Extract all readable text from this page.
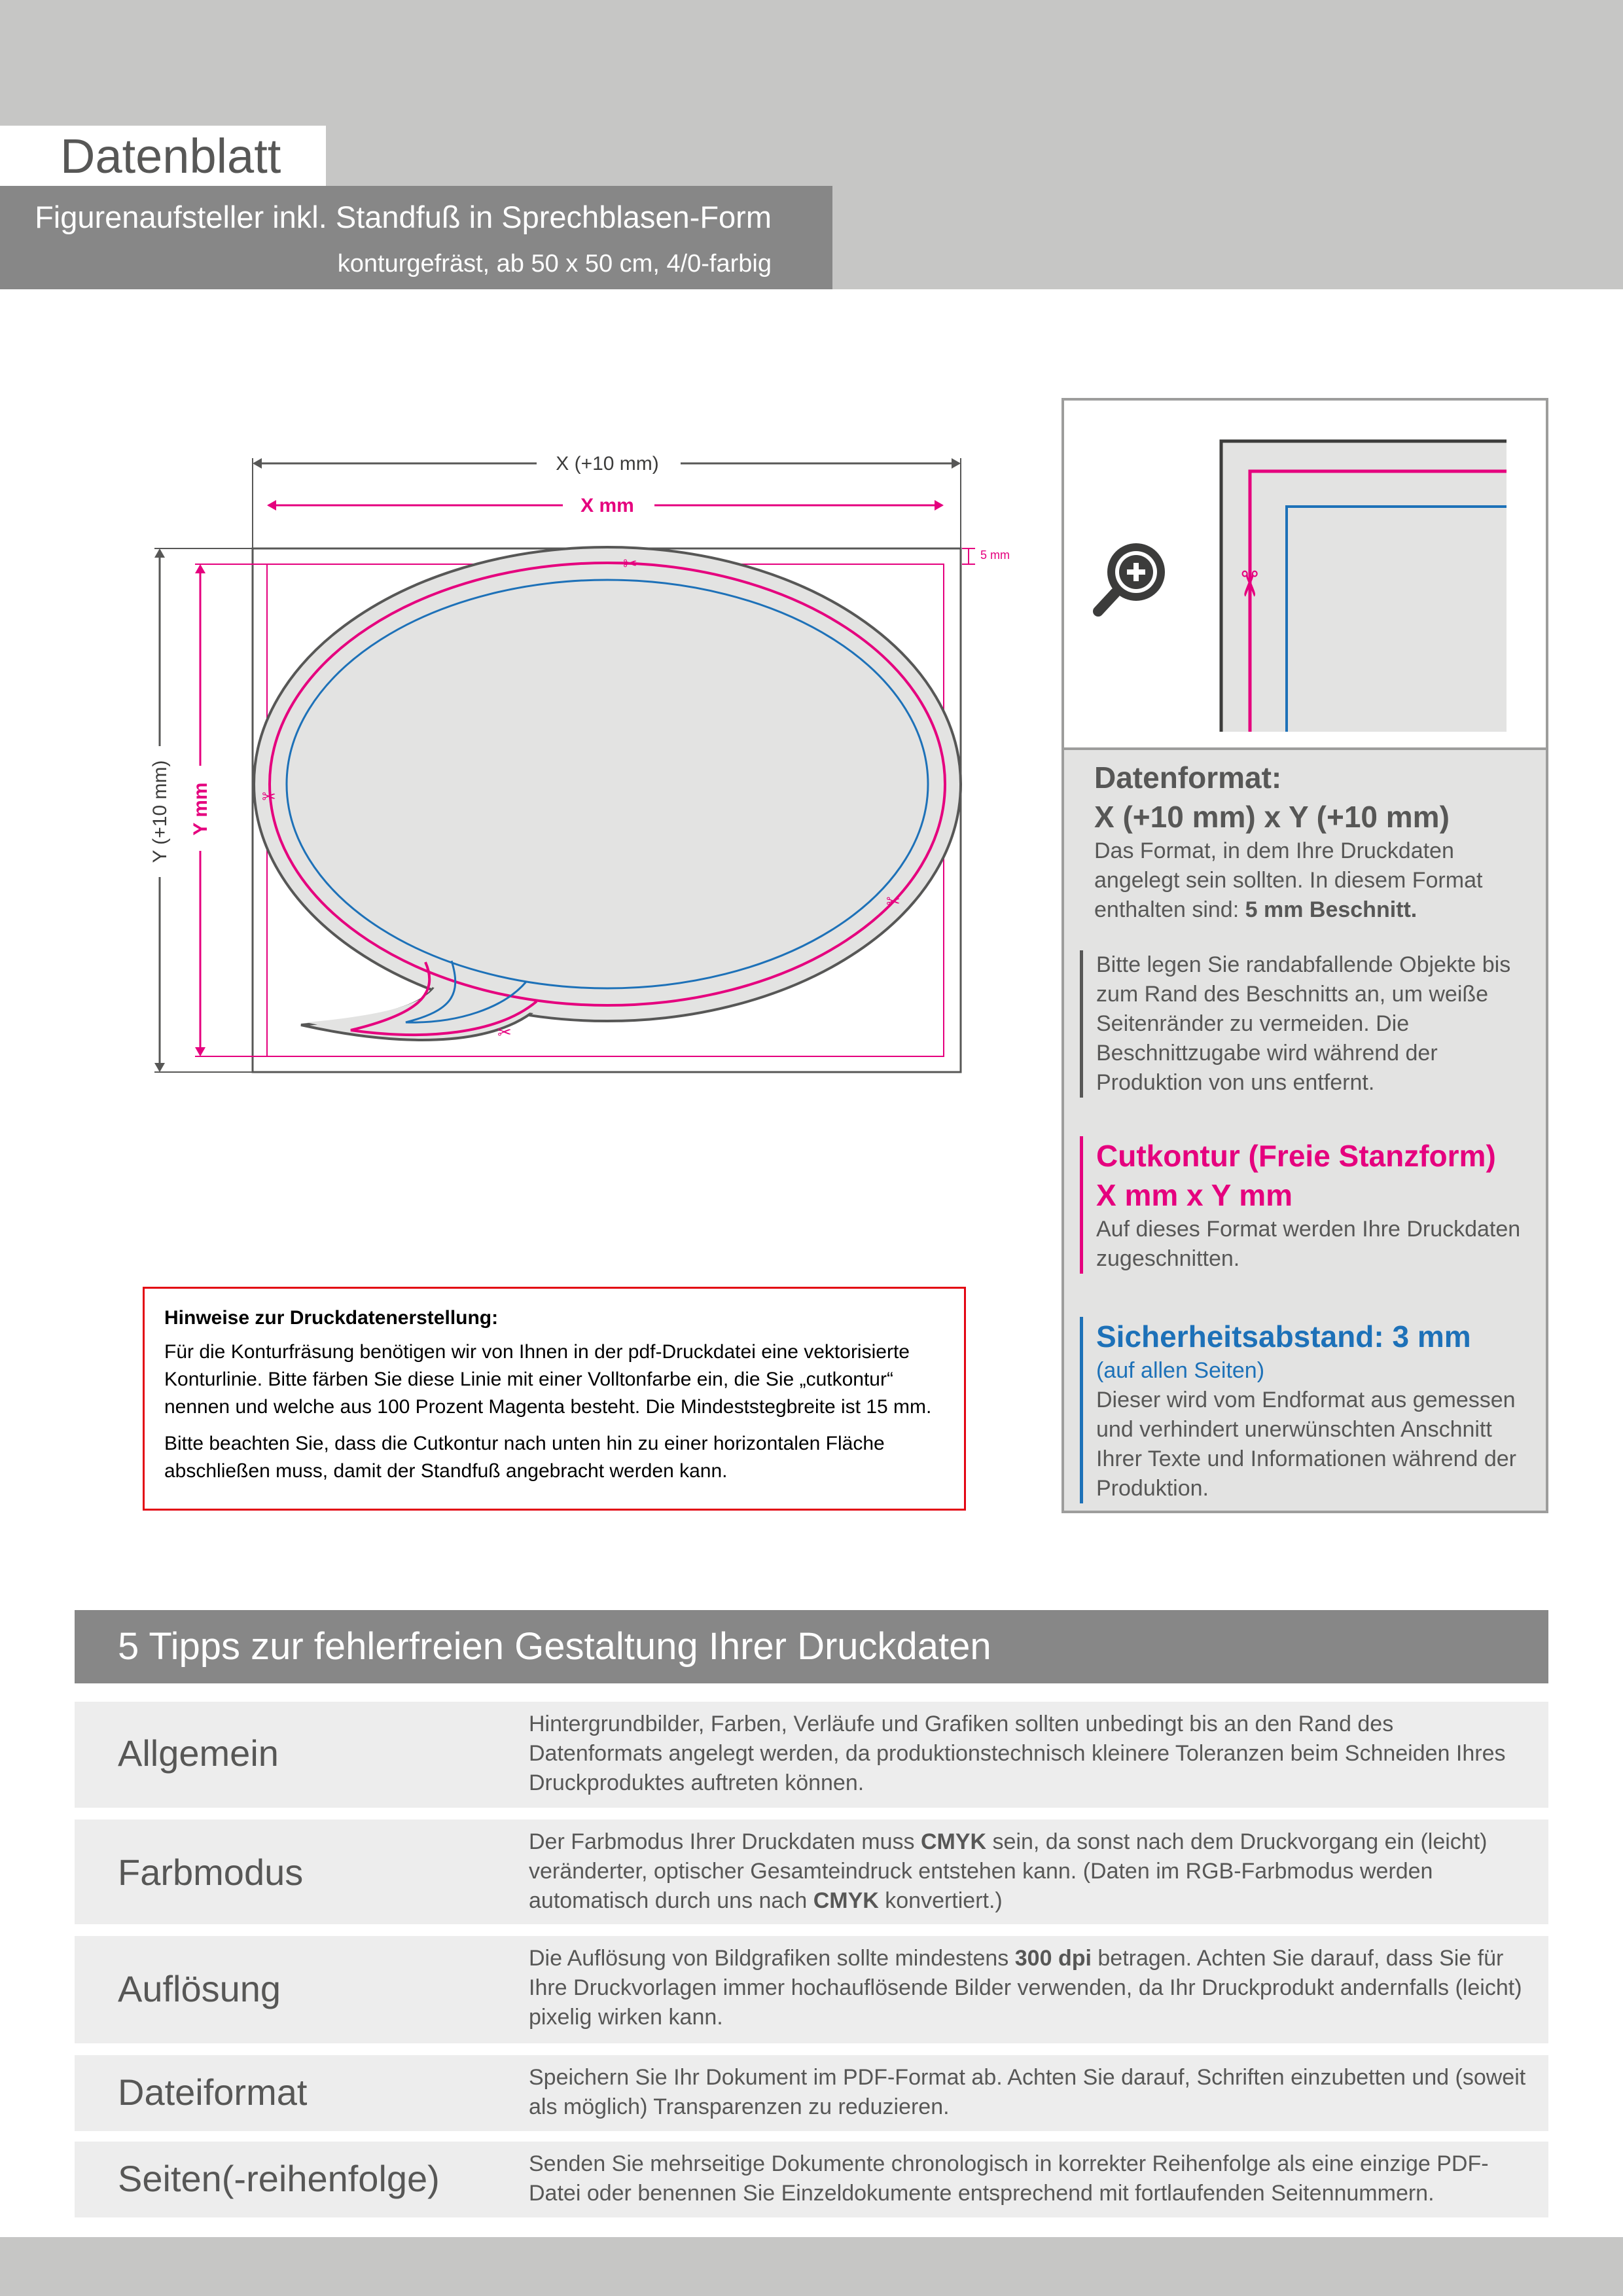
Datenblatt
Figurenaufsteller inkl. Standfuß in Sprechblasen-Form
konturgefräst, ab 50 x 50 cm, 4/0-farbig
✂
✂
✂
✂
X (+10 mm)
X mm
Y (+10 mm) Y mm
5 mm
✂
Datenformat:
X (+10 mm) x Y (+10 mm)

Das Format, in dem Ihre Druckdaten angelegt sein sollten. In diesem Format enthalten sind: 5 mm Beschnitt.

Bitte legen Sie randabfallende Objekte bis zum Rand des Beschnitts an, um weiße Seitenränder zu vermeiden. Die Beschnittzugabe wird während der Produktion von uns entfernt.

Cutkontur (Freie Stanzform)
X mm x Y mm

Auf dieses Format werden Ihre Druckdaten zugeschnitten.

Sicherheitsabstand: 3 mm

(auf allen Seiten)

Dieser wird vom Endformat aus gemessen und verhindert unerwünschten Anschnitt Ihrer Texte und Informationen während der Produktion.

Hinweise zur Druckdatenerstellung:

Für die Konturfräsung benötigen wir von Ihnen in der pdf-Druckdatei eine vektorisierte Konturlinie. Bitte färben Sie diese Linie mit einer Volltonfarbe ein, die Sie „cutkontur“ nennen und welche aus 100 Prozent Magenta besteht. Die Mindeststegbreite ist 15 mm.

Bitte beachten Sie, dass die Cutkontur nach unten hin zu einer horizontalen Fläche abschließen muss, damit der Standfuß angebracht werden kann.

5 Tipps zur fehlerfreien Gestaltung Ihrer Druckdaten
Allgemein
Hintergrundbilder, Farben, Verläufe und Grafiken sollten unbedingt bis an den Rand des Datenformats angelegt werden, da produktionstechnisch kleinere Toleranzen beim Schneiden Ihres Druckproduktes auftreten können.
Farbmodus
Der Farbmodus Ihrer Druckdaten muss CMYK sein, da sonst nach dem Druckvorgang ein (leicht) veränderter, optischer Gesamteindruck entstehen kann. (Daten im RGB-Farbmodus werden automatisch durch uns nach CMYK konvertiert.)
Auflösung
Die Auflösung von Bildgrafiken sollte mindestens 300 dpi betragen. Achten Sie darauf, dass Sie für Ihre Druckvorlagen immer hochauflösende Bilder verwenden, da Ihr Druckprodukt andernfalls (leicht) pixelig wirken kann.
Dateiformat	Speichern Sie Ihr Dokument im PDF-Format ab. Achten Sie darauf, Schriften einzubetten und (soweit als möglich) Transparenzen zu reduzieren.
Seiten(-reihenfolge)	Senden Sie mehrseitige Dokumente chronologisch in korrekter Reihenfolge als eine einzige PDF-Datei oder benennen Sie Einzeldokumente entsprechend mit fortlaufenden Seitennummern.
